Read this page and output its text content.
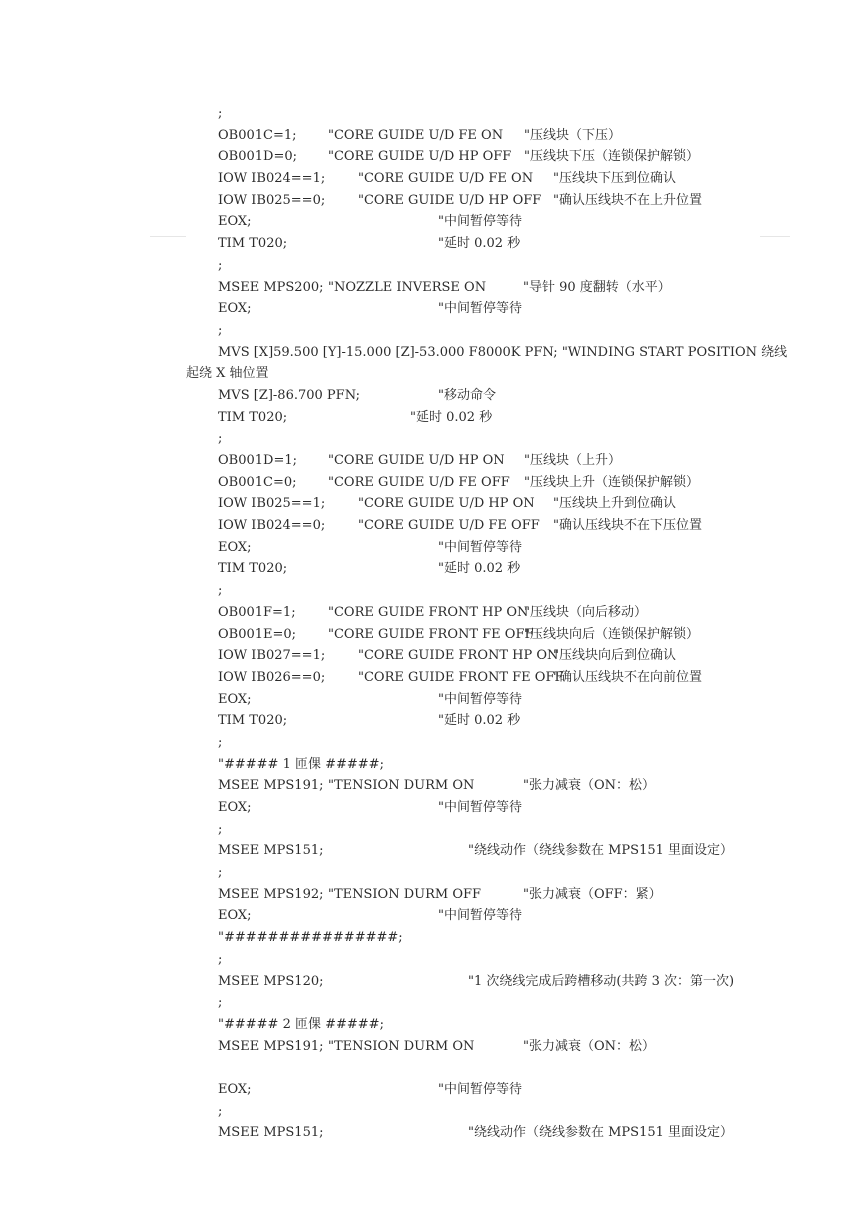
;
OB001C=1; "CORE GUIDE U/D FE ON "压线块（下压）
OB001D=0; "CORE GUIDE U/D HP OFF "压线块下压（连锁保护解锁）
IOW IB024==1;	"CORE GUIDE U/D FE ON "压线块下压到位确认
IOW IB025==0;	"CORE GUIDE U/D HP OFF "确认压线块不在上升位置
EOX;	"中间暂停等待
TIM T020;	"延时 0.02 秒
;
MSEE MPS200; "NOZZLE INVERSE ON	"导针 90 度翻转（水平）
EOX;	"中间暂停等待
;
MVS [X]59.500 [Y]-15.000 [Z]-53.000 F8000K PFN; "WINDING START POSITION 绕线
起绕 X 轴位置
MVS [Z]-86.700 PFN;	"移动命令
TIM T020;	"延时 0.02 秒
;
OB001D=1; "CORE GUIDE U/D HP ON "压线块（上升）
OB001C=0; "CORE GUIDE U/D FE OFF "压线块上升（连锁保护解锁）
IOW IB025==1;	"CORE GUIDE U/D HP ON "压线块上升到位确认
IOW IB024==0;	"CORE GUIDE U/D FE OFF "确认压线块不在下压位置
EOX;	"中间暂停等待
TIM T020;	"延时 0.02 秒
;
OB001F=1; "CORE GUIDE FRONT HP ON
"压线块（向后移动）
OB001E=0; "CORE GUIDE FRONT FE OFF
"压线块向后（连锁保护解锁）
IOW IB027==1;	"CORE GUIDE FRONT HP ON
"压线块向后到位确认
IOW IB026==0;	"CORE GUIDE FRONT FE OFF
"确认压线块不在向前位置
EOX;	"中间暂停等待
TIM T020;	"延时 0.02 秒
;
"##### 1 匝倮 #####;
MSEE MPS191; "TENSION DURM ON	"张力减衰（ON：松）
EOX;	"中间暂停等待
;
MSEE MPS151;	"绕线动作（绕线参数在 MPS151 里面设定）
;
MSEE MPS192; "TENSION DURM OFF	"张力减衰（OFF：紧）
EOX;	"中间暂停等待
"################;
;
MSEE MPS120;	"1 次绕线完成后跨槽移动(共跨 3 次：第一次)
;
"##### 2 匝倮 #####;
MSEE MPS191; "TENSION DURM ON	"张力减衰（ON：松）
EOX;	"中间暂停等待
;
MSEE MPS151;	"绕线动作（绕线参数在 MPS151 里面设定）
